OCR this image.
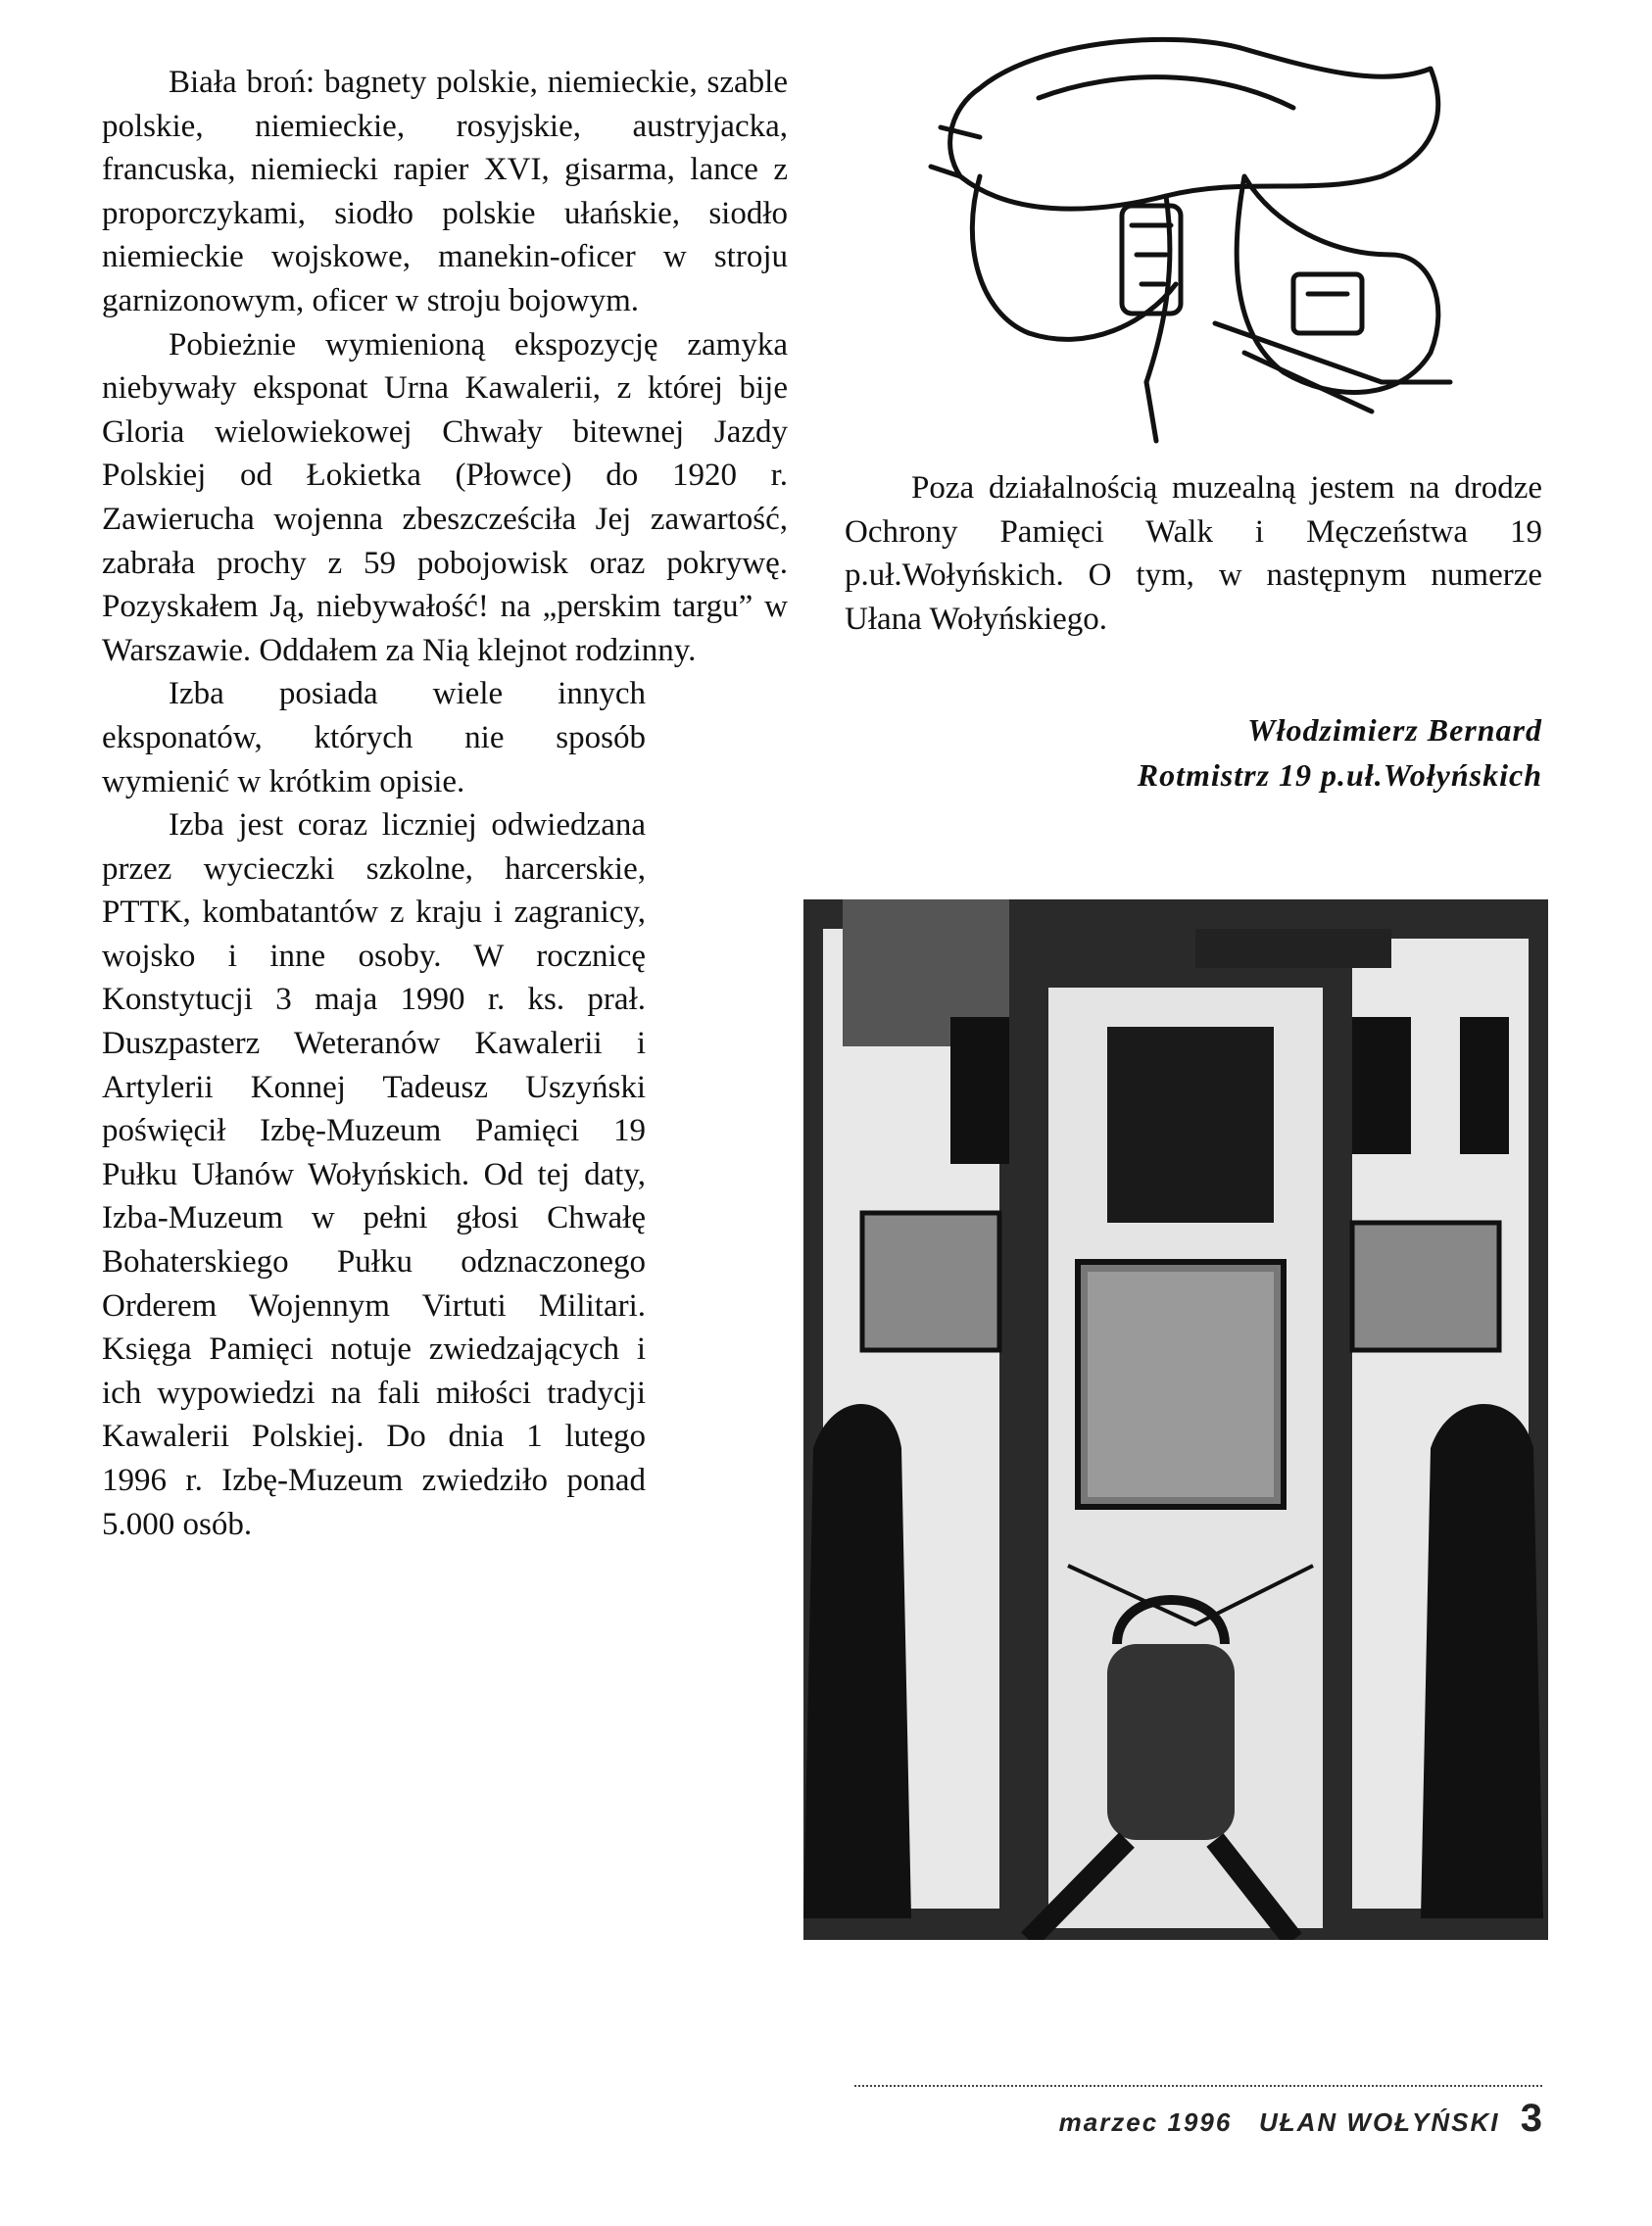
Biała broń: bagnety polskie, niemieckie, szable polskie, niemieckie, rosyjskie, austryjacka, francuska, niemiecki rapier XVI, gisarma, lance z proporczykami, siodło polskie ułańskie, siodło niemieckie wojskowe, manekin-oficer w stroju garnizonowym, oficer w stroju bojowym.

Pobieżnie wymienioną ekspozycję zamyka niebywały eksponat Urna Kawalerii, z której bije Gloria wielowiekowej Chwały bitewnej Jazdy Polskiej od Łokietka (Płowce) do 1920 r. Zawierucha wojenna zbeszcześciła Jej zawartość, zabrała prochy z 59 pobojowisk oraz pokrywę. Pozyskałem Ją, niebywałość! na „perskim targu” w Warszawie. Oddałem za Nią klejnot rodzinny.

Izba posiada wiele innych eksponatów, których nie sposób wymienić w krótkim opisie.

Izba jest coraz liczniej odwiedzana przez wycieczki szkolne, harcerskie, PTTK, kombatantów z kraju i zagranicy, wojsko i inne osoby. W rocznicę Konstytucji 3 maja 1990 r. ks. prał. Duszpasterz Weteranów Kawalerii i Artylerii Konnej Tadeusz Uszyński poświęcił Izbę-Muzeum Pamięci 19 Pułku Ułanów Wołyńskich. Od tej daty, Izba-Muzeum w pełni głosi Chwałę Bohaterskiego Pułku odznaczonego Orderem Wojennym Virtuti Militari. Księga Pamięci notuje zwiedzających i ich wypowiedzi na fali miłości tradycji Kawalerii Polskiej. Do dnia 1 lutego 1996 r. Izbę-Muzeum zwiedziło ponad 5.000 osób.

Poza działalnością muzealną jestem na drodze Ochrony Pamięci Walk i Męczeństwa 19 p.uł.Wołyńskich. O tym, w następnym numerze Ułana Wołyńskiego.

Włodzimierz Bernard
Rotmistrz 19 p.uł.Wołyńskich
marzec 1996 UŁAN WOŁYŃSKI 3
